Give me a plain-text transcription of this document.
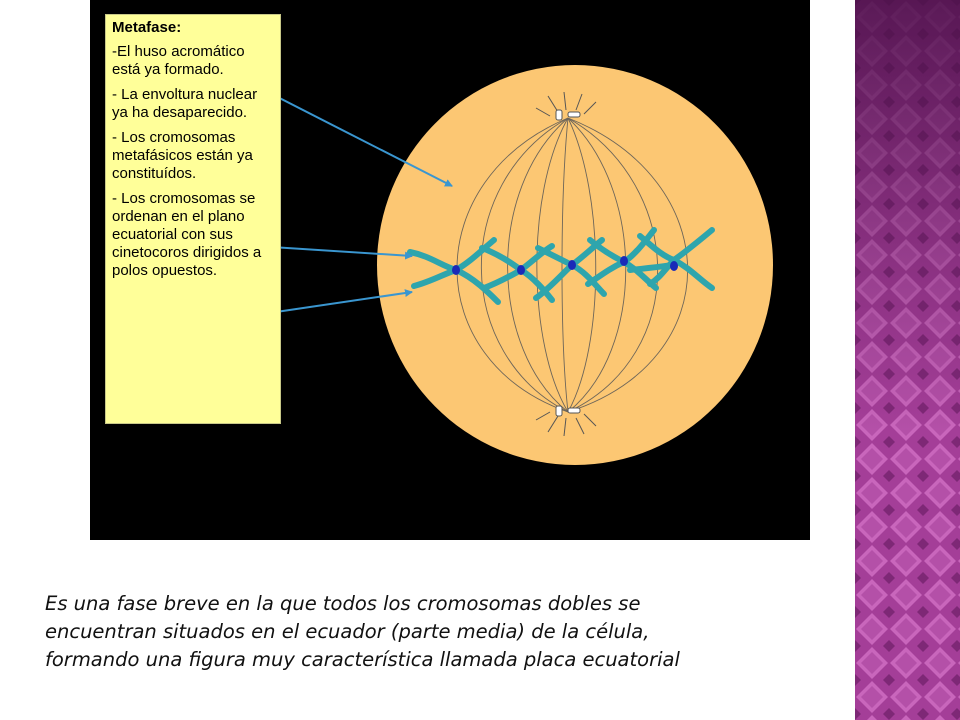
Metafase:
-El huso acromático está ya formado.
- La envoltura nuclear ya ha desaparecido.
- Los cromosomas metafásicos están ya constituídos.
- Los cromosomas se ordenan en el plano ecuatorial con sus cinetocoros dirigidos a polos opuestos.
Es una fase breve en la que todos los cromosomas dobles se
encuentran situados en el ecuador (parte media) de la célula,
formando una figura muy característica llamada placa ecuatorial
